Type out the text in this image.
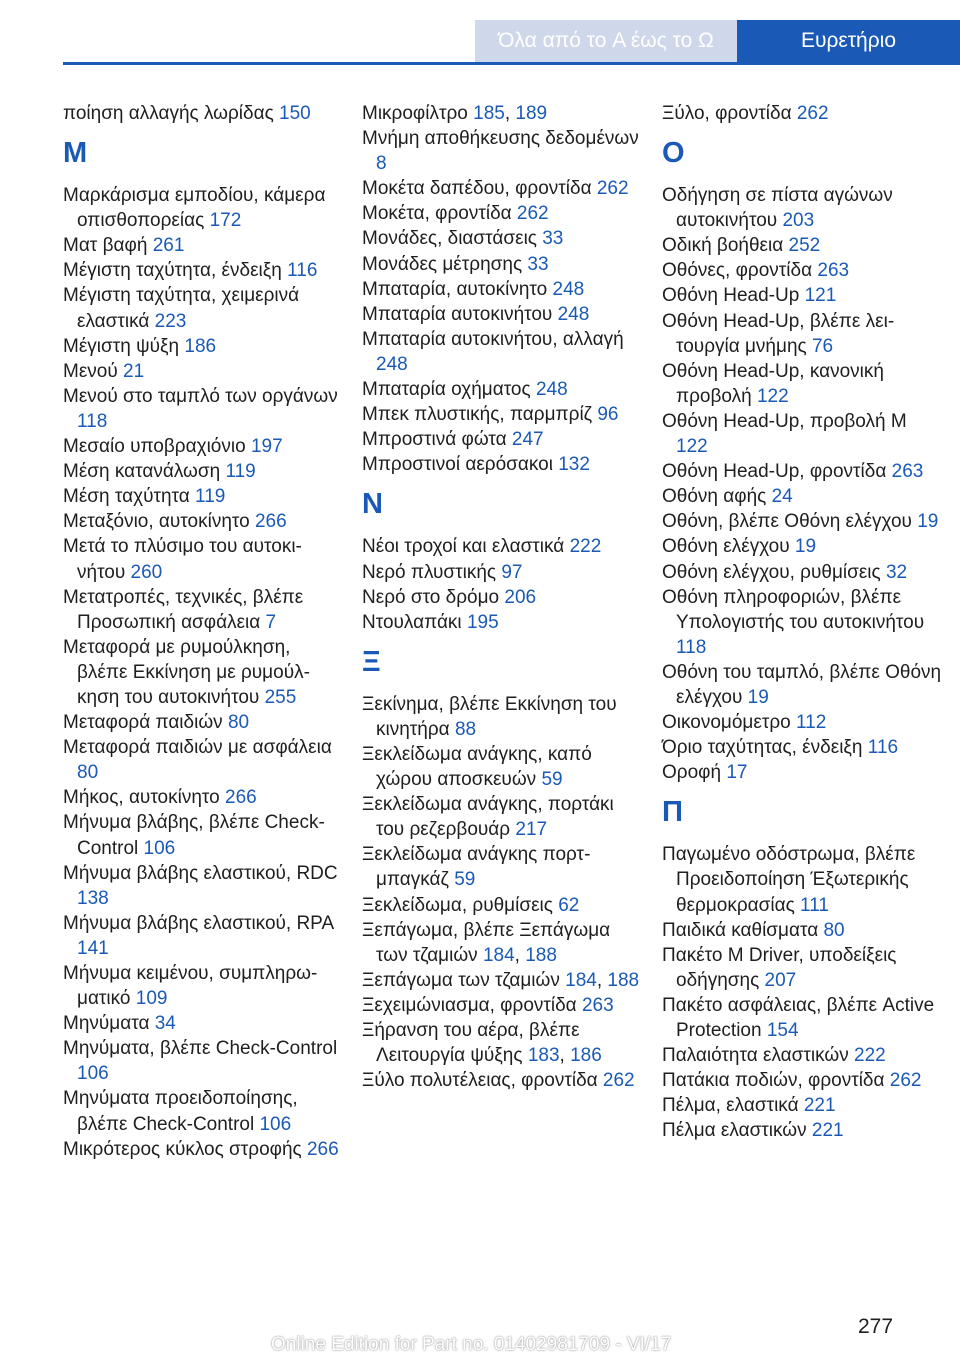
Όλα από το A έως το Ω	Ευρετήριο
ποίηση αλλαγής λωρίδας 150
M
Μαρκάρισμα εμποδίου, κάμερα οπισθοπορείας 172
Ματ βαφή 261
Μέγιστη ταχύτητα, ένδειξη 116
Μέγιστη ταχύτητα, χειμερινά ελαστικά 223
Μέγιστη ψύξη 186
Μενού 21
Μενού στο ταμπλό των οργάνων 118
Μεσαίο υποβραχιόνιο 197
Μέση κατανάλωση 119
Μέση ταχύτητα 119
Μεταξόνιο, αυτοκίνητο 266
Μετά το πλύσιμο του αυτοκινήτου 260
Μετατροπές, τεχνικές, βλέπε Προσωπική ασφάλεια 7
Μεταφορά με ρυμούλκηση, βλέπε Εκκίνηση με ρυμούλκηση του αυτοκινήτου 255
Μεταφορά παιδιών 80
Μεταφορά παιδιών με ασφάλεια 80
Μήκος, αυτοκίνητο 266
Μήνυμα βλάβης, βλέπε Check-Control 106
Μήνυμα βλάβης ελαστικού, RDC 138
Μήνυμα βλάβης ελαστικού, RPA 141
Μήνυμα κειμένου, συμπληρωματικό 109
Μηνύματα 34
Μηνύματα, βλέπε Check-Control 106
Μηνύματα προειδοποίησης, βλέπε Check-Control 106
Μικρότερος κύκλος στροφής 266
Μικροφίλτρο 185, 189
Μνήμη αποθήκευσης δεδομένων 8
Μοκέτα δαπέδου, φροντίδα 262
Μοκέτα, φροντίδα 262
Μονάδες, διαστάσεις 33
Μονάδες μέτρησης 33
Μπαταρία, αυτοκίνητο 248
Μπαταρία αυτοκινήτου 248
Μπαταρία αυτοκινήτου, αλλαγή 248
Μπαταρία οχήματος 248
Μπεκ πλυστικής, παρμπρίζ 96
Μπροστινά φώτα 247
Μπροστινοί αερόσακοι 132
N
Νέοι τροχοί και ελαστικά 222
Νερό πλυστικής 97
Νερό στο δρόμο 206
Ντουλαπάκι 195
Ξ
Ξεκίνημα, βλέπε Εκκίνηση του κινητήρα 88
Ξεκλείδωμα ανάγκης, καπό χώρου αποσκευών 59
Ξεκλείδωμα ανάγκης, πορτάκι του ρεζερβουάρ 217
Ξεκλείδωμα ανάγκης πορτμπαγκάζ 59
Ξεκλείδωμα, ρυθμίσεις 62
Ξεπάγωμα, βλέπε Ξεπάγωμα των τζαμιών 184, 188
Ξεπάγωμα των τζαμιών 184, 188
Ξεχειμώνιασμα, φροντίδα 263
Ξήρανση του αέρα, βλέπε Λειτουργία ψύξης 183, 186
Ξύλο πολυτέλειας, φροντίδα 262
Ξύλο, φροντίδα 262
O
Οδήγηση σε πίστα αγώνων αυτοκινήτου 203
Οδική βοήθεια 252
Οθόνες, φροντίδα 263
Οθόνη Head-Up 121
Οθόνη Head-Up, βλέπε λειτουργία μνήμης 76
Οθόνη Head-Up, κανονική προβολή 122
Οθόνη Head-Up, προβολή M 122
Οθόνη Head-Up, φροντίδα 263
Οθόνη αφής 24
Οθόνη, βλέπε Οθόνη ελέγχου 19
Οθόνη ελέγχου 19
Οθόνη ελέγχου, ρυθμίσεις 32
Οθόνη πληροφοριών, βλέπε Υπολογιστής του αυτοκινήτου 118
Οθόνη του ταμπλό, βλέπε Οθόνη ελέγχου 19
Οικονομόμετρο 112
Όριο ταχύτητας, ένδειξη 116
Οροφή 17
Π
Παγωμένο οδόστρωμα, βλέπε Προειδοποίηση Έξωτερικής θερμοκρασίας 111
Παιδικά καθίσματα 80
Πακέτο M Driver, υποδείξεις οδήγησης 207
Πακέτο ασφάλειας, βλέπε Active Protection 154
Παλαιότητα ελαστικών 222
Πατάκια ποδιών, φροντίδα 262
Πέλμα, ελαστικά 221
Πέλμα ελαστικών 221
277
Online Edition for Part no. 01402981709 - VI/17
